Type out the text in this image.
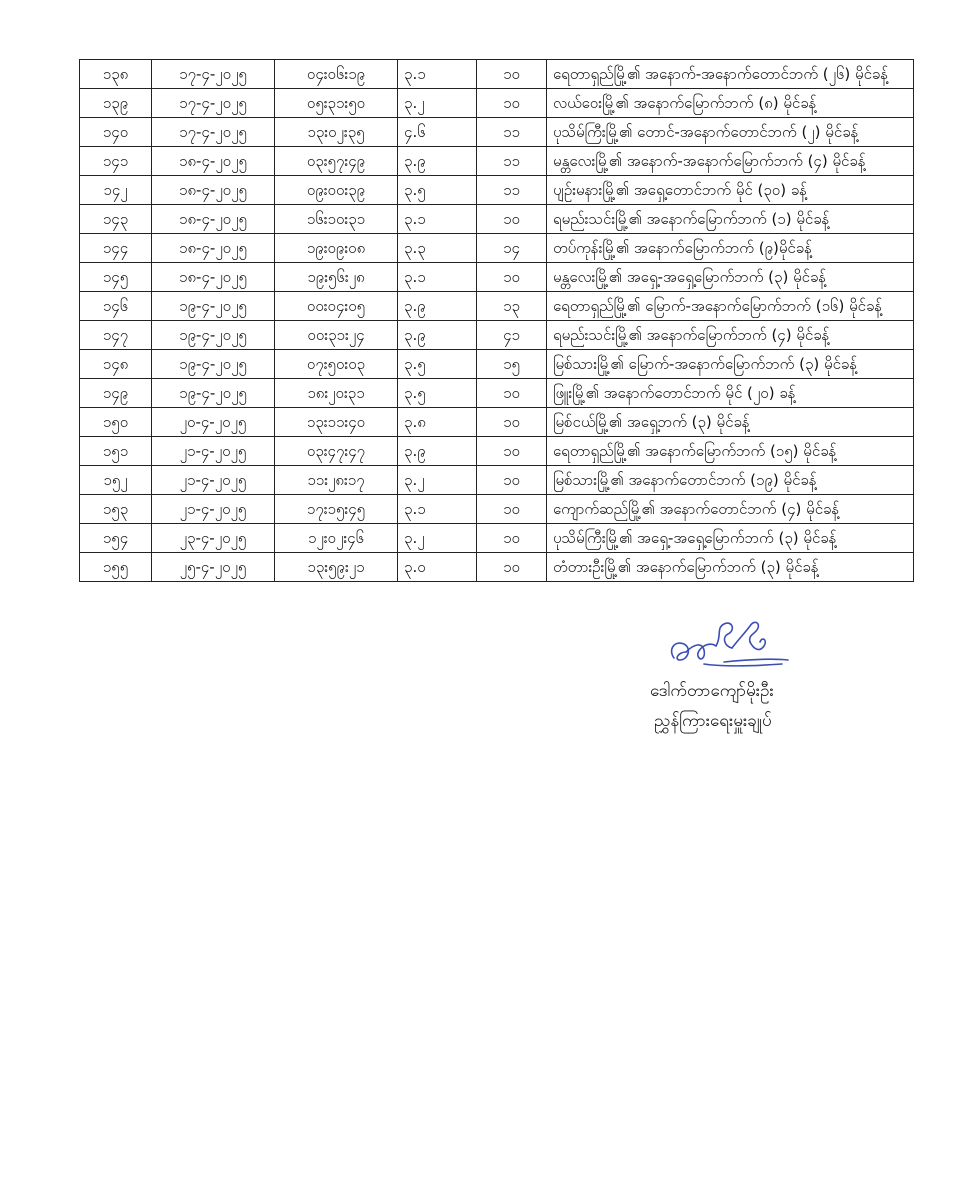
၁၃၈	၁၇-၄-၂၀၂၅	၀၄း၀၆း၁၉	၃.၁	၁၀	ရေတာရှည်မြို့၏ အနောက်-အနောက်တောင်ဘက် (၂၆) မိုင်ခန့်
၁၃၉	၁၇-၄-၂၀၂၅	၀၅း၃၁း၅၀	၃.၂	၁၀	လယ်ဝေးမြို့၏ အနောက်မြောက်ဘက် (၈) မိုင်ခန့်
၁၄၀	၁၇-၄-၂၀၂၅	၁၃း၀၂း၃၅	၄.၆	၁၁	ပုသိမ်ကြီးမြို့၏ တောင်-အနောက်တောင်ဘက် (၂) မိုင်ခန့်
၁၄၁	၁၈-၄-၂၀၂၅	၀၃း၅၇း၄၉	၃.၉	၁၁	မန္တလေးမြို့၏ အနောက်-အနောက်မြောက်ဘက် (၄) မိုင်ခန့်
၁၄၂	၁၈-၄-၂၀၂၅	၀၉း၀၀း၃၉	၃.၅	၁၁	ပျဉ်းမနားမြို့၏ အရှေ့တောင်ဘက် မိုင် (၃၀) ခန့်
၁၄၃	၁၈-၄-၂၀၂၅	၁၆း၁၀း၃၁	၃.၁	၁၀	ရမည်းသင်းမြို့၏ အနောက်မြောက်ဘက် (၁) မိုင်ခန့်
၁၄၄	၁၈-၄-၂၀၂၅	၁၉း၀၉း၀၈	၃.၃	၁၄	တပ်ကုန်းမြို့၏ အနောက်မြောက်ဘက် (၉)မိုင်ခန့်
၁၄၅	၁၈-၄-၂၀၂၅	၁၉း၅၆း၂၈	၃.၁	၁၀	မန္တလေးမြို့၏ အရှေ့-အရှေ့မြောက်ဘက် (၃) မိုင်ခန့်
၁၄၆	၁၉-၄-၂၀၂၅	၀၀း၀၄း၀၅	၃.၉	၁၃	ရေတာရှည်မြို့၏ မြောက်-အနောက်မြောက်ဘက် (၁၆) မိုင်ခန့်
၁၄၇	၁၉-၄-၂၀၂၅	၀၀း၃၁း၂၄	၃.၉	၄၁	ရမည်းသင်းမြို့၏ အနောက်မြောက်ဘက် (၄) မိုင်ခန့်
၁၄၈	၁၉-၄-၂၀၂၅	၀၇း၅၀း၀၃	၃.၅	၁၅	မြစ်သားမြို့၏ မြောက်-အနောက်မြောက်ဘက် (၃) မိုင်ခန့်
၁၄၉	၁၉-၄-၂၀၂၅	၁၈း၂၀း၃၁	၃.၅	၁၀	ဖြူးမြို့၏ အနောက်တောင်ဘက် မိုင် (၂၀) ခန့်
၁၅၀	၂၀-၄-၂၀၂၅	၁၃း၁၁း၄၀	၃.၈	၁၀	မြစ်ငယ်မြို့၏ အရှေ့ဘက် (၃) မိုင်ခန့်
၁၅၁	၂၁-၄-၂၀၂၅	၀၃း၄၇း၄၇	၃.၉	၁၀	ရေတာရှည်မြို့၏ အနောက်မြောက်ဘက် (၁၅) မိုင်ခန့်
၁၅၂	၂၁-၄-၂၀၂၅	၁၁း၂၈း၁၇	၃.၂	၁၀	မြစ်သားမြို့၏ အနောက်တောင်ဘက် (၁၉) မိုင်ခန့်
၁၅၃	၂၁-၄-၂၀၂၅	၁၇း၁၅း၄၅	၃.၁	၁၀	ကျောက်ဆည်မြို့၏ အနောက်တောင်ဘက် (၄) မိုင်ခန့်
၁၅၄	၂၃-၄-၂၀၂၅	၁၂း၀၂း၄၆	၃.၂	၁၀	ပုသိမ်ကြီးမြို့၏ အရှေ့-အရှေ့မြောက်ဘက် (၃) မိုင်ခန့်
၁၅၅	၂၅-၄-၂၀၂၅	၁၃း၅၉း၂၁	၃.၀	၁၀	တံတားဦးမြို့၏ အနောက်မြောက်ဘက် (၃) မိုင်ခန့်
ဒေါက်တာကျော်မိုးဦး
ညွှန်ကြားရေးမှူးချုပ်
